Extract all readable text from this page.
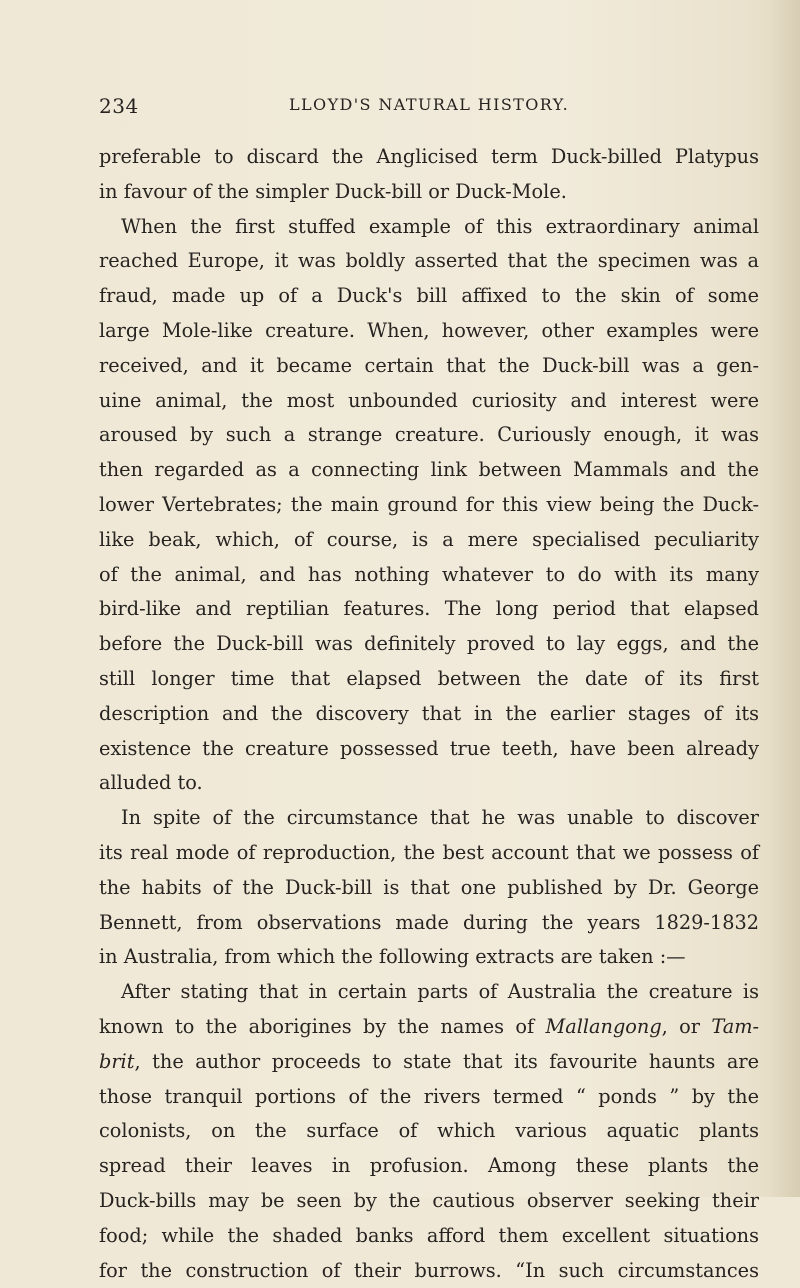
234	LLOYD'S NATURAL HISTORY.
preferable to discard the Anglicised term Duck-billed Platypus
in favour of the simpler Duck-bill or Duck-Mole.
When the first stuffed example of this extraordinary animal
reached Europe, it was boldly asserted that the specimen was a
fraud, made up of a Duck's bill affixed to the skin of some
large Mole-like creature. When, however, other examples were
received, and it became certain that the Duck-bill was a gen-
uine animal, the most unbounded curiosity and interest were
aroused by such a strange creature. Curiously enough, it was
then regarded as a connecting link between Mammals and the
lower Vertebrates; the main ground for this view being the Duck-
like beak, which, of course, is a mere specialised peculiarity
of the animal, and has nothing whatever to do with its many
bird-like and reptilian features. The long period that elapsed
before the Duck-bill was definitely proved to lay eggs, and the
still longer time that elapsed between the date of its first
description and the discovery that in the earlier stages of its
existence the creature possessed true teeth, have been already
alluded to.
In spite of the circumstance that he was unable to discover
its real mode of reproduction, the best account that we possess of
the habits of the Duck-bill is that one published by Dr. George
Bennett, from observations made during the years 1829-1832
in Australia, from which the following extracts are taken :—
After stating that in certain parts of Australia the creature is
known to the aborigines by the names of Mallangong, or Tam-
brit, the author proceeds to state that its favourite haunts are
those tranquil portions of the rivers termed “ ponds ” by the
colonists, on the surface of which various aquatic plants
spread their leaves in profusion. Among these plants the
Duck-bills may be seen by the cautious observer seeking their
food; while the shaded banks afford them excellent situations
for the construction of their burrows. “In such circumstances
